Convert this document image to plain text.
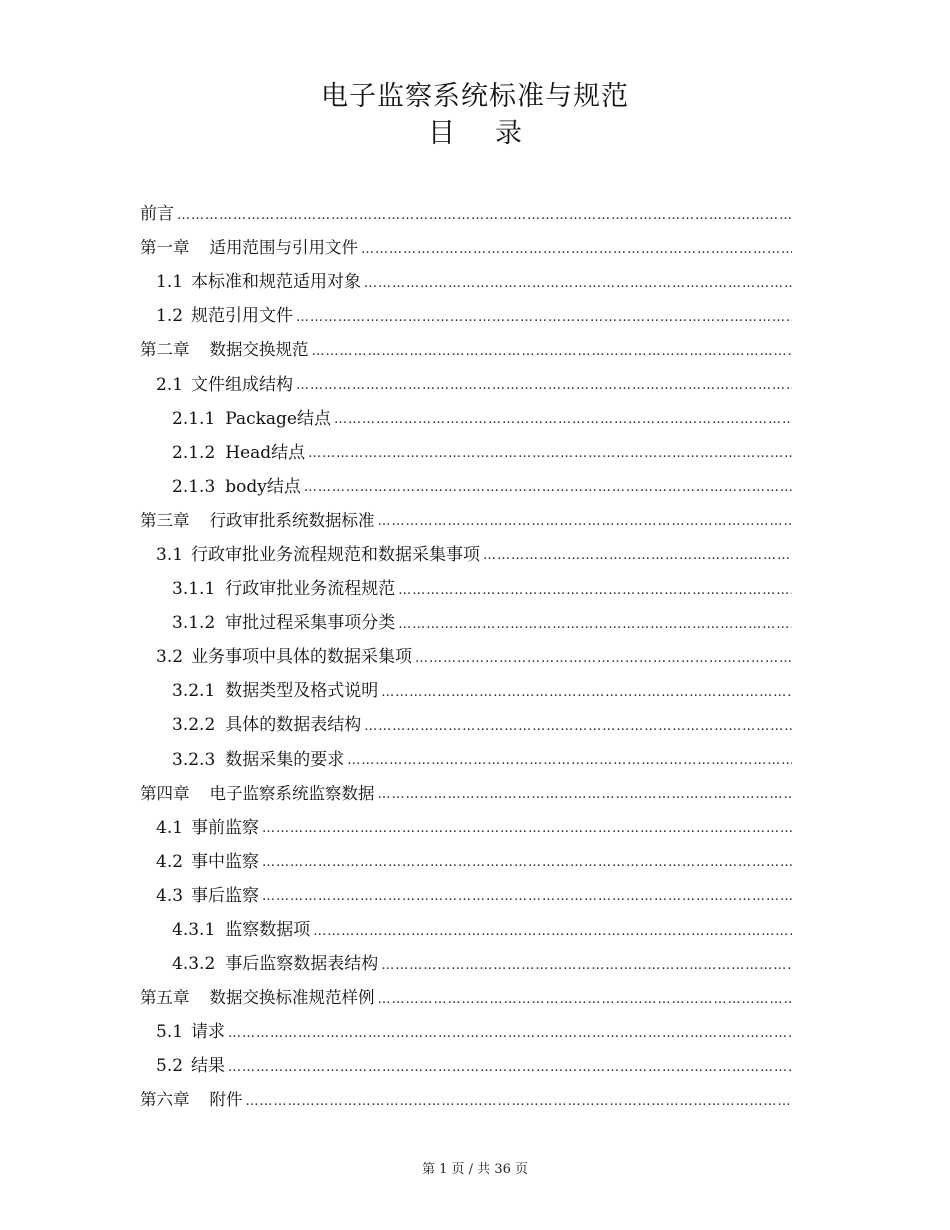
电子监察系统标准与规范
目 录
前言
……………………………………………………………………………………………………………………………………………………………………………………
第一章 适用范围与引用文件
……………………………………………………………………………………………………………………………………………………………………………………
1.1 本标准和规范适用对象
……………………………………………………………………………………………………………………………………………………………………………………
1.2 规范引用文件
……………………………………………………………………………………………………………………………………………………………………………………
第二章 数据交换规范
……………………………………………………………………………………………………………………………………………………………………………………
2.1 文件组成结构
……………………………………………………………………………………………………………………………………………………………………………………
2.1.1 Package结点
……………………………………………………………………………………………………………………………………………………………………………………
2.1.2 Head结点
……………………………………………………………………………………………………………………………………………………………………………………
2.1.3 body结点
……………………………………………………………………………………………………………………………………………………………………………………
第三章 行政审批系统数据标准
……………………………………………………………………………………………………………………………………………………………………………………
3.1 行政审批业务流程规范和数据采集事项
……………………………………………………………………………………………………………………………………………………………………………………
3.1.1 行政审批业务流程规范
……………………………………………………………………………………………………………………………………………………………………………………
3.1.2 审批过程采集事项分类
……………………………………………………………………………………………………………………………………………………………………………………
3.2 业务事项中具体的数据采集项
……………………………………………………………………………………………………………………………………………………………………………………
3.2.1 数据类型及格式说明
……………………………………………………………………………………………………………………………………………………………………………………
3.2.2 具体的数据表结构
……………………………………………………………………………………………………………………………………………………………………………………
3.2.3 数据采集的要求
……………………………………………………………………………………………………………………………………………………………………………………
第四章 电子监察系统监察数据
……………………………………………………………………………………………………………………………………………………………………………………
4.1 事前监察
……………………………………………………………………………………………………………………………………………………………………………………
4.2 事中监察
……………………………………………………………………………………………………………………………………………………………………………………
4.3 事后监察
……………………………………………………………………………………………………………………………………………………………………………………
4.3.1 监察数据项
……………………………………………………………………………………………………………………………………………………………………………………
4.3.2 事后监察数据表结构
……………………………………………………………………………………………………………………………………………………………………………………
第五章 数据交换标准规范样例
……………………………………………………………………………………………………………………………………………………………………………………
5.1 请求
……………………………………………………………………………………………………………………………………………………………………………………
5.2 结果
……………………………………………………………………………………………………………………………………………………………………………………
第六章 附件
……………………………………………………………………………………………………………………………………………………………………………………
第 1 页 / 共 36 页
